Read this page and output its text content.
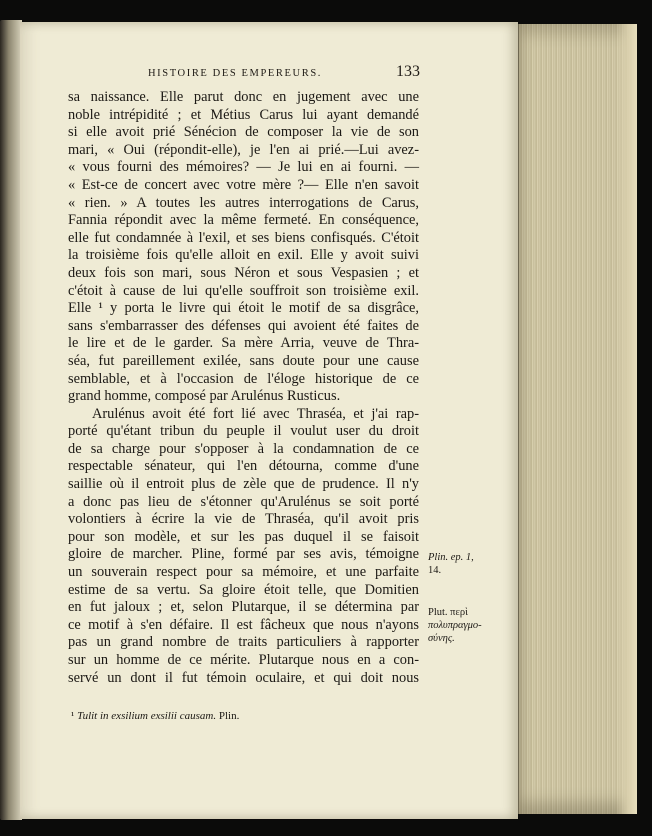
HISTOIRE DES EMPEREURS.	133
sa naissance. Elle parut donc en jugement avec une
noble intrépidité ; et Métius Carus lui ayant demandé
si elle avoit prié Sénécion de composer la vie de son
mari, « Oui (répondit-elle), je l'en ai prié.—Lui avez-
« vous fourni des mémoires? — Je lui en ai fourni. —
« Est-ce de concert avec votre mère ?— Elle n'en savoit
« rien. » A toutes les autres interrogations de Carus,
Fannia répondit avec la même fermeté. En conséquence,
elle fut condamnée à l'exil, et ses biens confisqués. C'étoit
la troisième fois qu'elle alloit en exil. Elle y avoit suivi
deux fois son mari, sous Néron et sous Vespasien ; et
c'étoit à cause de lui qu'elle souffroit son troisième exil.
Elle ¹ y porta le livre qui étoit le motif de sa disgrâce,
sans s'embarrasser des défenses qui avoient été faites de
le lire et de le garder. Sa mère Arria, veuve de Thra-
séa, fut pareillement exilée, sans doute pour une cause
semblable, et à l'occasion de l'éloge historique de ce
grand homme, composé par Arulénus Rusticus.
Arulénus avoit été fort lié avec Thraséa, et j'ai rap-
porté qu'étant tribun du peuple il voulut user du droit
de sa charge pour s'opposer à la condamnation de ce
respectable sénateur, qui l'en détourna, comme d'une
saillie où il entroit plus de zèle que de prudence. Il n'y
a donc pas lieu de s'étonner qu'Arulénus se soit porté
volontiers à écrire la vie de Thraséa, qu'il avoit pris
pour son modèle, et sur les pas duquel il se faisoit
gloire de marcher. Pline, formé par ses avis, témoigne
un souverain respect pour sa mémoire, et une parfaite
estime de sa vertu. Sa gloire étoit telle, que Domitien
en fut jaloux ; et, selon Plutarque, il se détermina par
ce motif à s'en défaire. Il est fâcheux que nous n'ayons
pas un grand nombre de traits particuliers à rapporter
sur un homme de ce mérite. Plutarque nous en a con-
servé un dont il fut témoin oculaire, et qui doit nous
Plin. ep. 1,
14.
Plut. περὶ
πολυπραγμο-
σύνης.
¹ Tulit in exsilium exsilii causam. Plin.
